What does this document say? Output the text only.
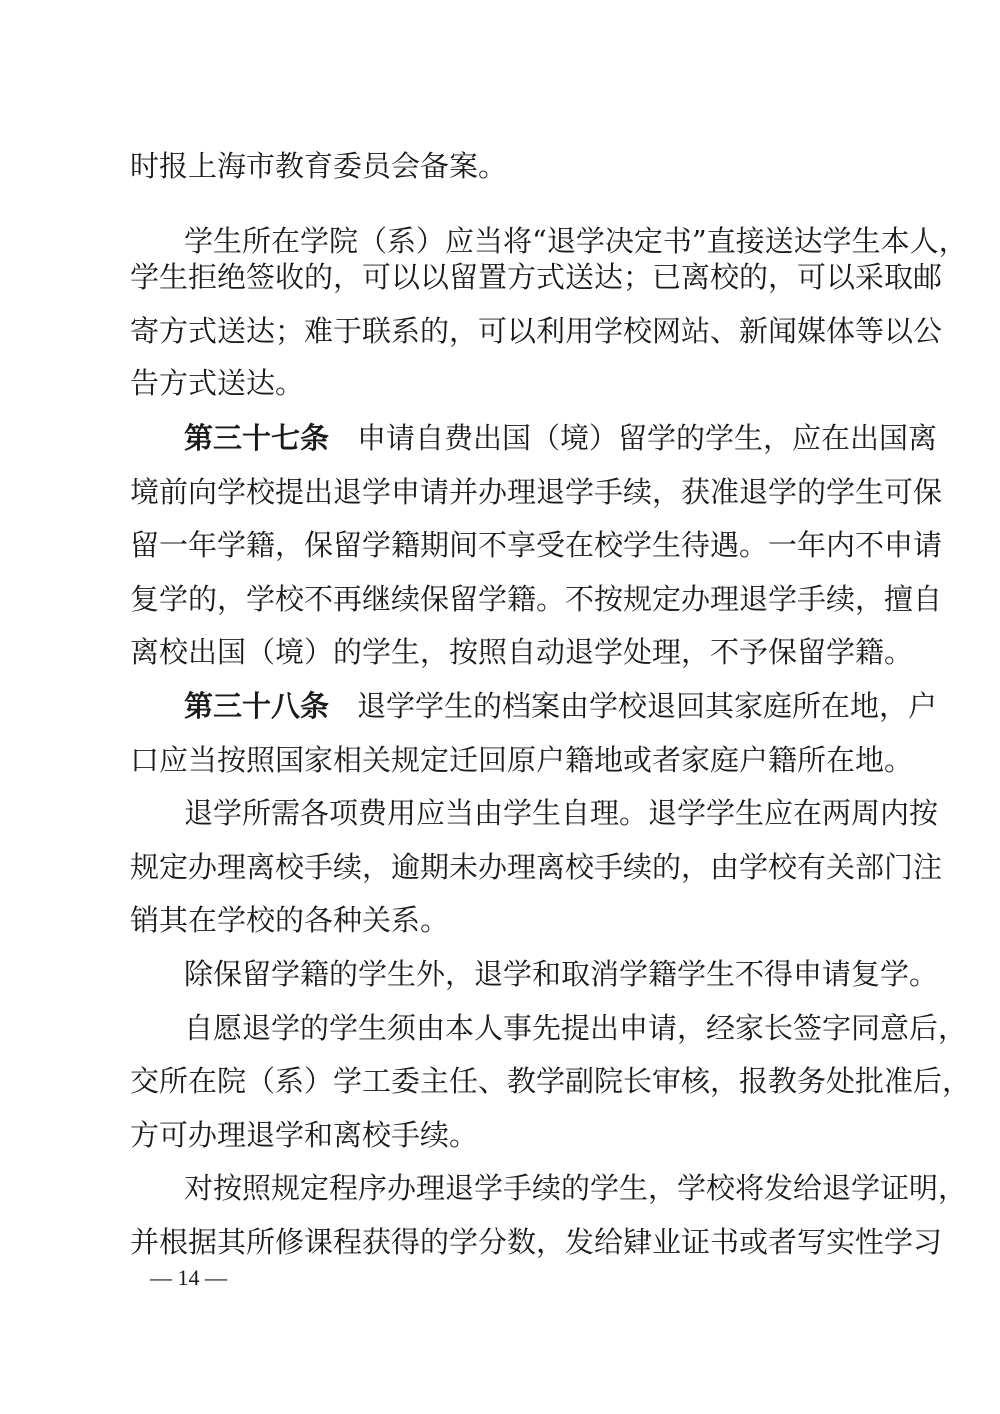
时报上海市教育委员会备案。
学生所在学院（系）应当将“退学决定书”直接送达学生本人，
学生拒绝签收的，可以以留置方式送达；已离校的，可以采取邮
寄方式送达；难于联系的，可以利用学校网站、新闻媒体等以公
告方式送达。
第三十七条 申请自费出国（境）留学的学生，应在出国离
境前向学校提出退学申请并办理退学手续，获准退学的学生可保
留一年学籍，保留学籍期间不享受在校学生待遇。一年内不申请
复学的，学校不再继续保留学籍。不按规定办理退学手续，擅自
离校出国（境）的学生，按照自动退学处理，不予保留学籍。
第三十八条 退学学生的档案由学校退回其家庭所在地，户
口应当按照国家相关规定迁回原户籍地或者家庭户籍所在地。
退学所需各项费用应当由学生自理。退学学生应在两周内按
规定办理离校手续，逾期未办理离校手续的，由学校有关部门注
销其在学校的各种关系。
除保留学籍的学生外，退学和取消学籍学生不得申请复学。
自愿退学的学生须由本人事先提出申请，经家长签字同意后，
交所在院（系）学工委主任、教学副院长审核，报教务处批准后，
方可办理退学和离校手续。
对按照规定程序办理退学手续的学生，学校将发给退学证明，
并根据其所修课程获得的学分数，发给肄业证书或者写实性学习
— 14 —
